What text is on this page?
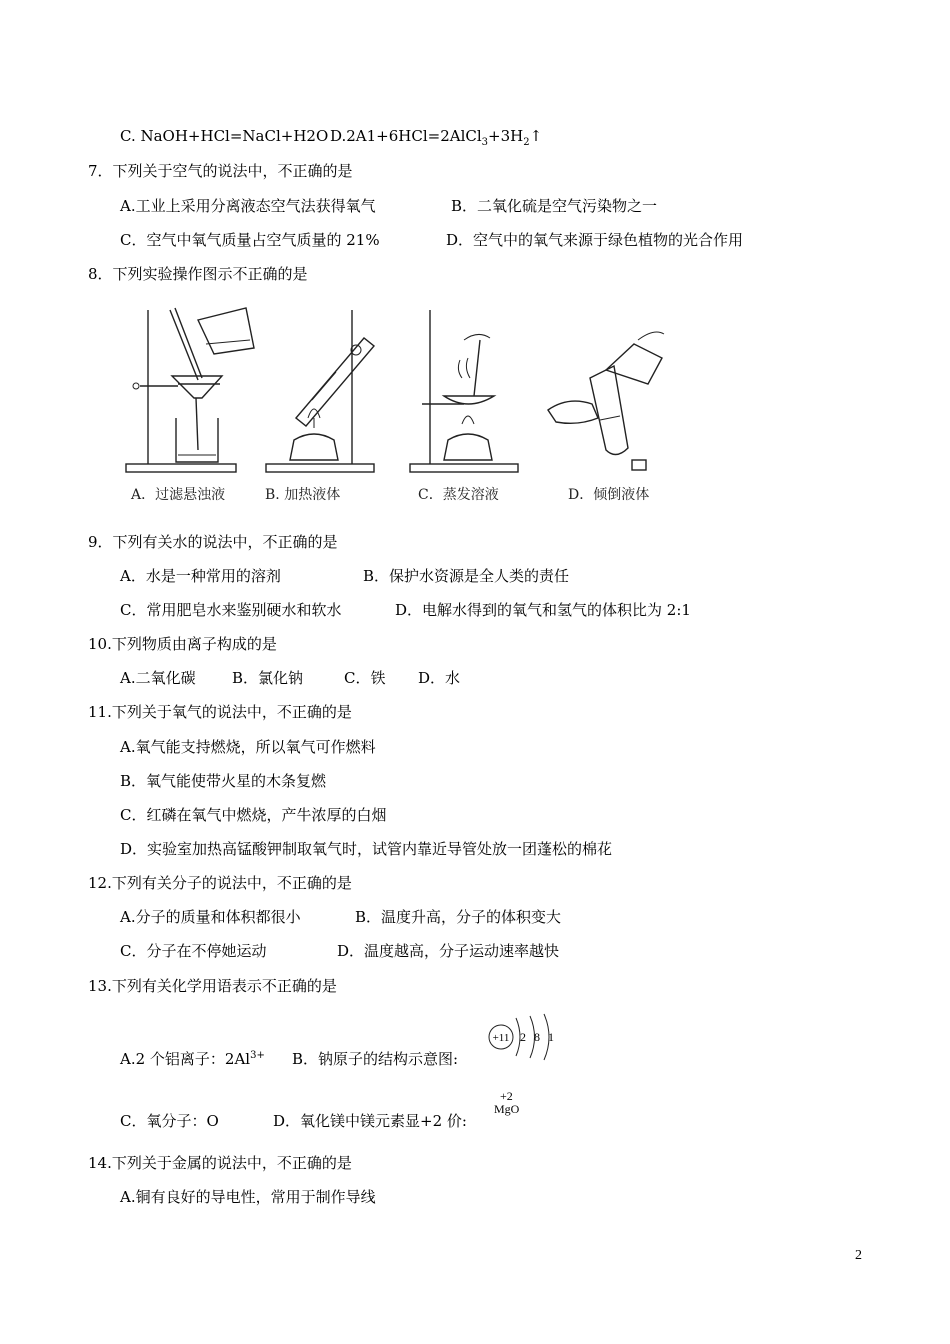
C. NaOH+HCl=NaCl+H2O $D.2A1+6HCl=2AlCl_3+3H_2↑$
7．下列关于空气的说法中，不正确的是
A.工业上采用分离液态空气法获得氧气	B．二氧化硫是空气污染物之一
C．空气中氧气质量占空气质量的 21%	D．空气中的氧气来源于绿色植物的光合作用
8．下列实验操作图示不正确的是
A．过滤悬浊液	B. 加热液体	C．蒸发溶液	D．倾倒液体
9．下列有关水的说法中，不正确的是
A．水是一种常用的溶剂	B．保护水资源是全人类的责任
C．常用肥皂水来鉴别硬水和软水	D．电解水得到的氧气和氢气的体积比为 2:1
10.下列物质由离子构成的是
A.二氧化碳 B．氯化钠	C．铁 D．水
11.下列关于氧气的说法中，不正确的是
A.氧气能支持燃烧，所以氧气可作燃料
B．氧气能使带火星的木条复燃
C．红磷在氧气中燃烧，产牛浓厚的白烟
D．实验室加热高锰酸钾制取氧气时，试管内靠近导管处放一团蓬松的棉花
12.下列有关分子的说法中，不正确的是
A.分子的质量和体积都很小	B．温度升高，分子的体积变大
C．分子在不停她运动	D．温度越高，分子运动速率越快
13.下列有关化学用语表示不正确的是
A.2 个铝离子：$2Al^{3+}$ B．钠原子的结构示意图:
+11 2 8 1
C．氧分子：O	D．氧化镁中镁元素显+2 价:
+2
MgO
14.下列关于金属的说法中，不正确的是
A.铜有良好的导电性，常用于制作导线
2
